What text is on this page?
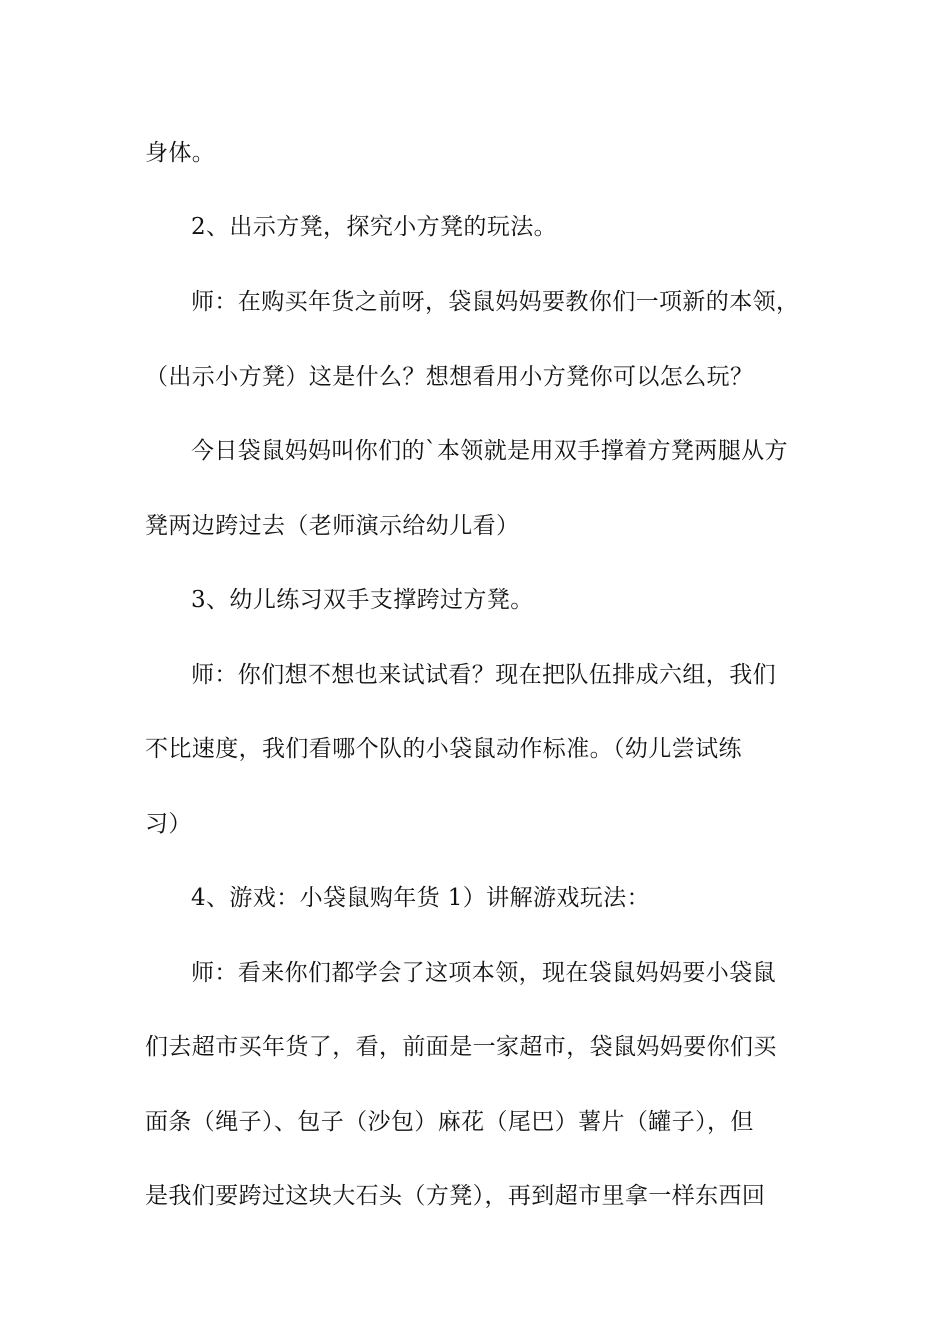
身体。

2、出示方凳，探究小方凳的玩法。

师：在购买年货之前呀，袋鼠妈妈要教你们一项新的本领，

（出示小方凳）这是什么？想想看用小方凳你可以怎么玩？

今日袋鼠妈妈叫你们的`本领就是用双手撑着方凳两腿从方

凳两边跨过去（老师演示给幼儿看）

3、幼儿练习双手支撑跨过方凳。

师：你们想不想也来试试看？现在把队伍排成六组，我们

不比速度，我们看哪个队的小袋鼠动作标准。（幼儿尝试练

习）

4、游戏：小袋鼠购年货 1）讲解游戏玩法：

师：看来你们都学会了这项本领，现在袋鼠妈妈要小袋鼠

们去超市买年货了，看，前面是一家超市，袋鼠妈妈要你们买

面条（绳子）、包子（沙包）麻花（尾巴）薯片（罐子），但

是我们要跨过这块大石头（方凳），再到超市里拿一样东西回
